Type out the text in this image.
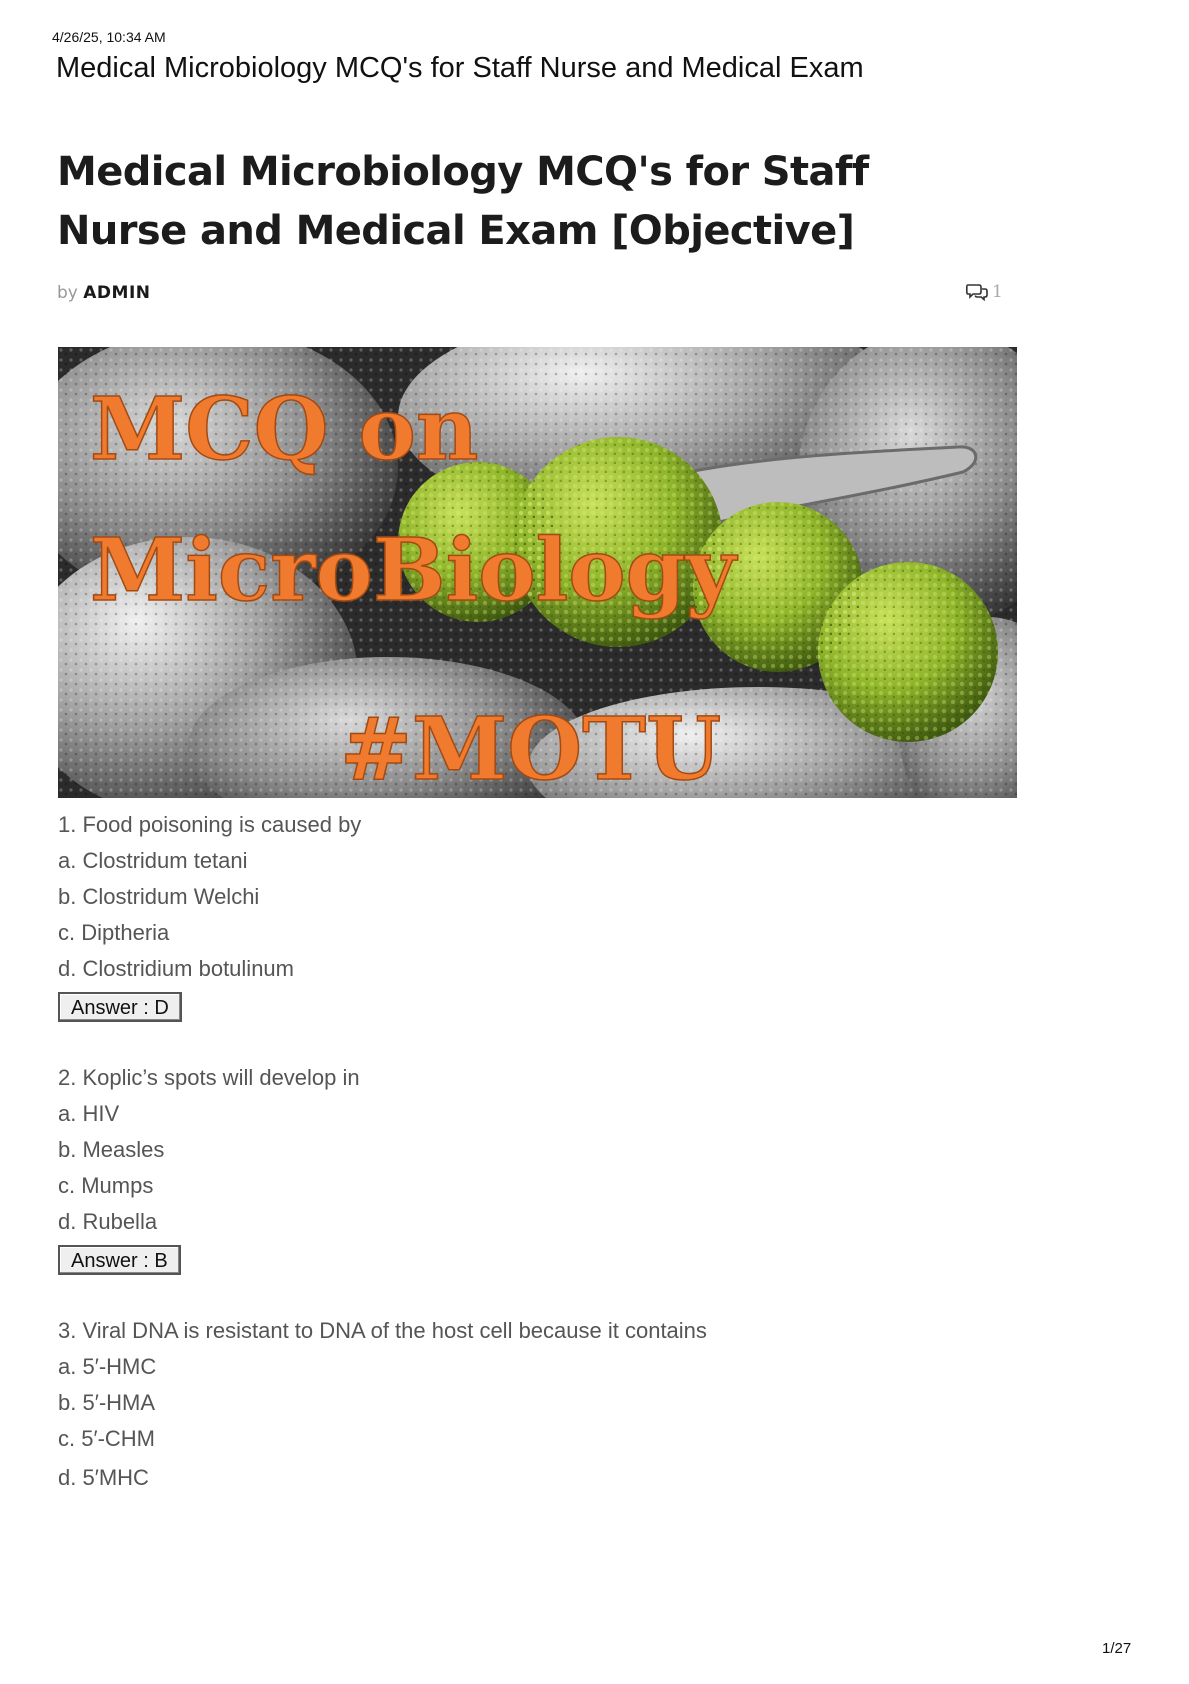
4/26/25, 10:34 AM
Medical Microbiology MCQ's for Staff Nurse and Medical Exam
Medical Microbiology MCQ's for Staff Nurse and Medical Exam [Objective]
by ADMIN	1
MCQ on
MicroBiology
#MOTU
1. Food poisoning is caused by
a. Clostridum tetani
b. Clostridum Welchi
c. Diptheria
d. Clostridium botulinum
Answer : D
2. Koplic’s spots will develop in
a. HIV
b. Measles
c. Mumps
d. Rubella
Answer : B
3. Viral DNA is resistant to DNA of the host cell because it contains
a. 5′-HMC
b. 5′-HMA
c. 5′-CHM
d. 5′MHC
1/27
